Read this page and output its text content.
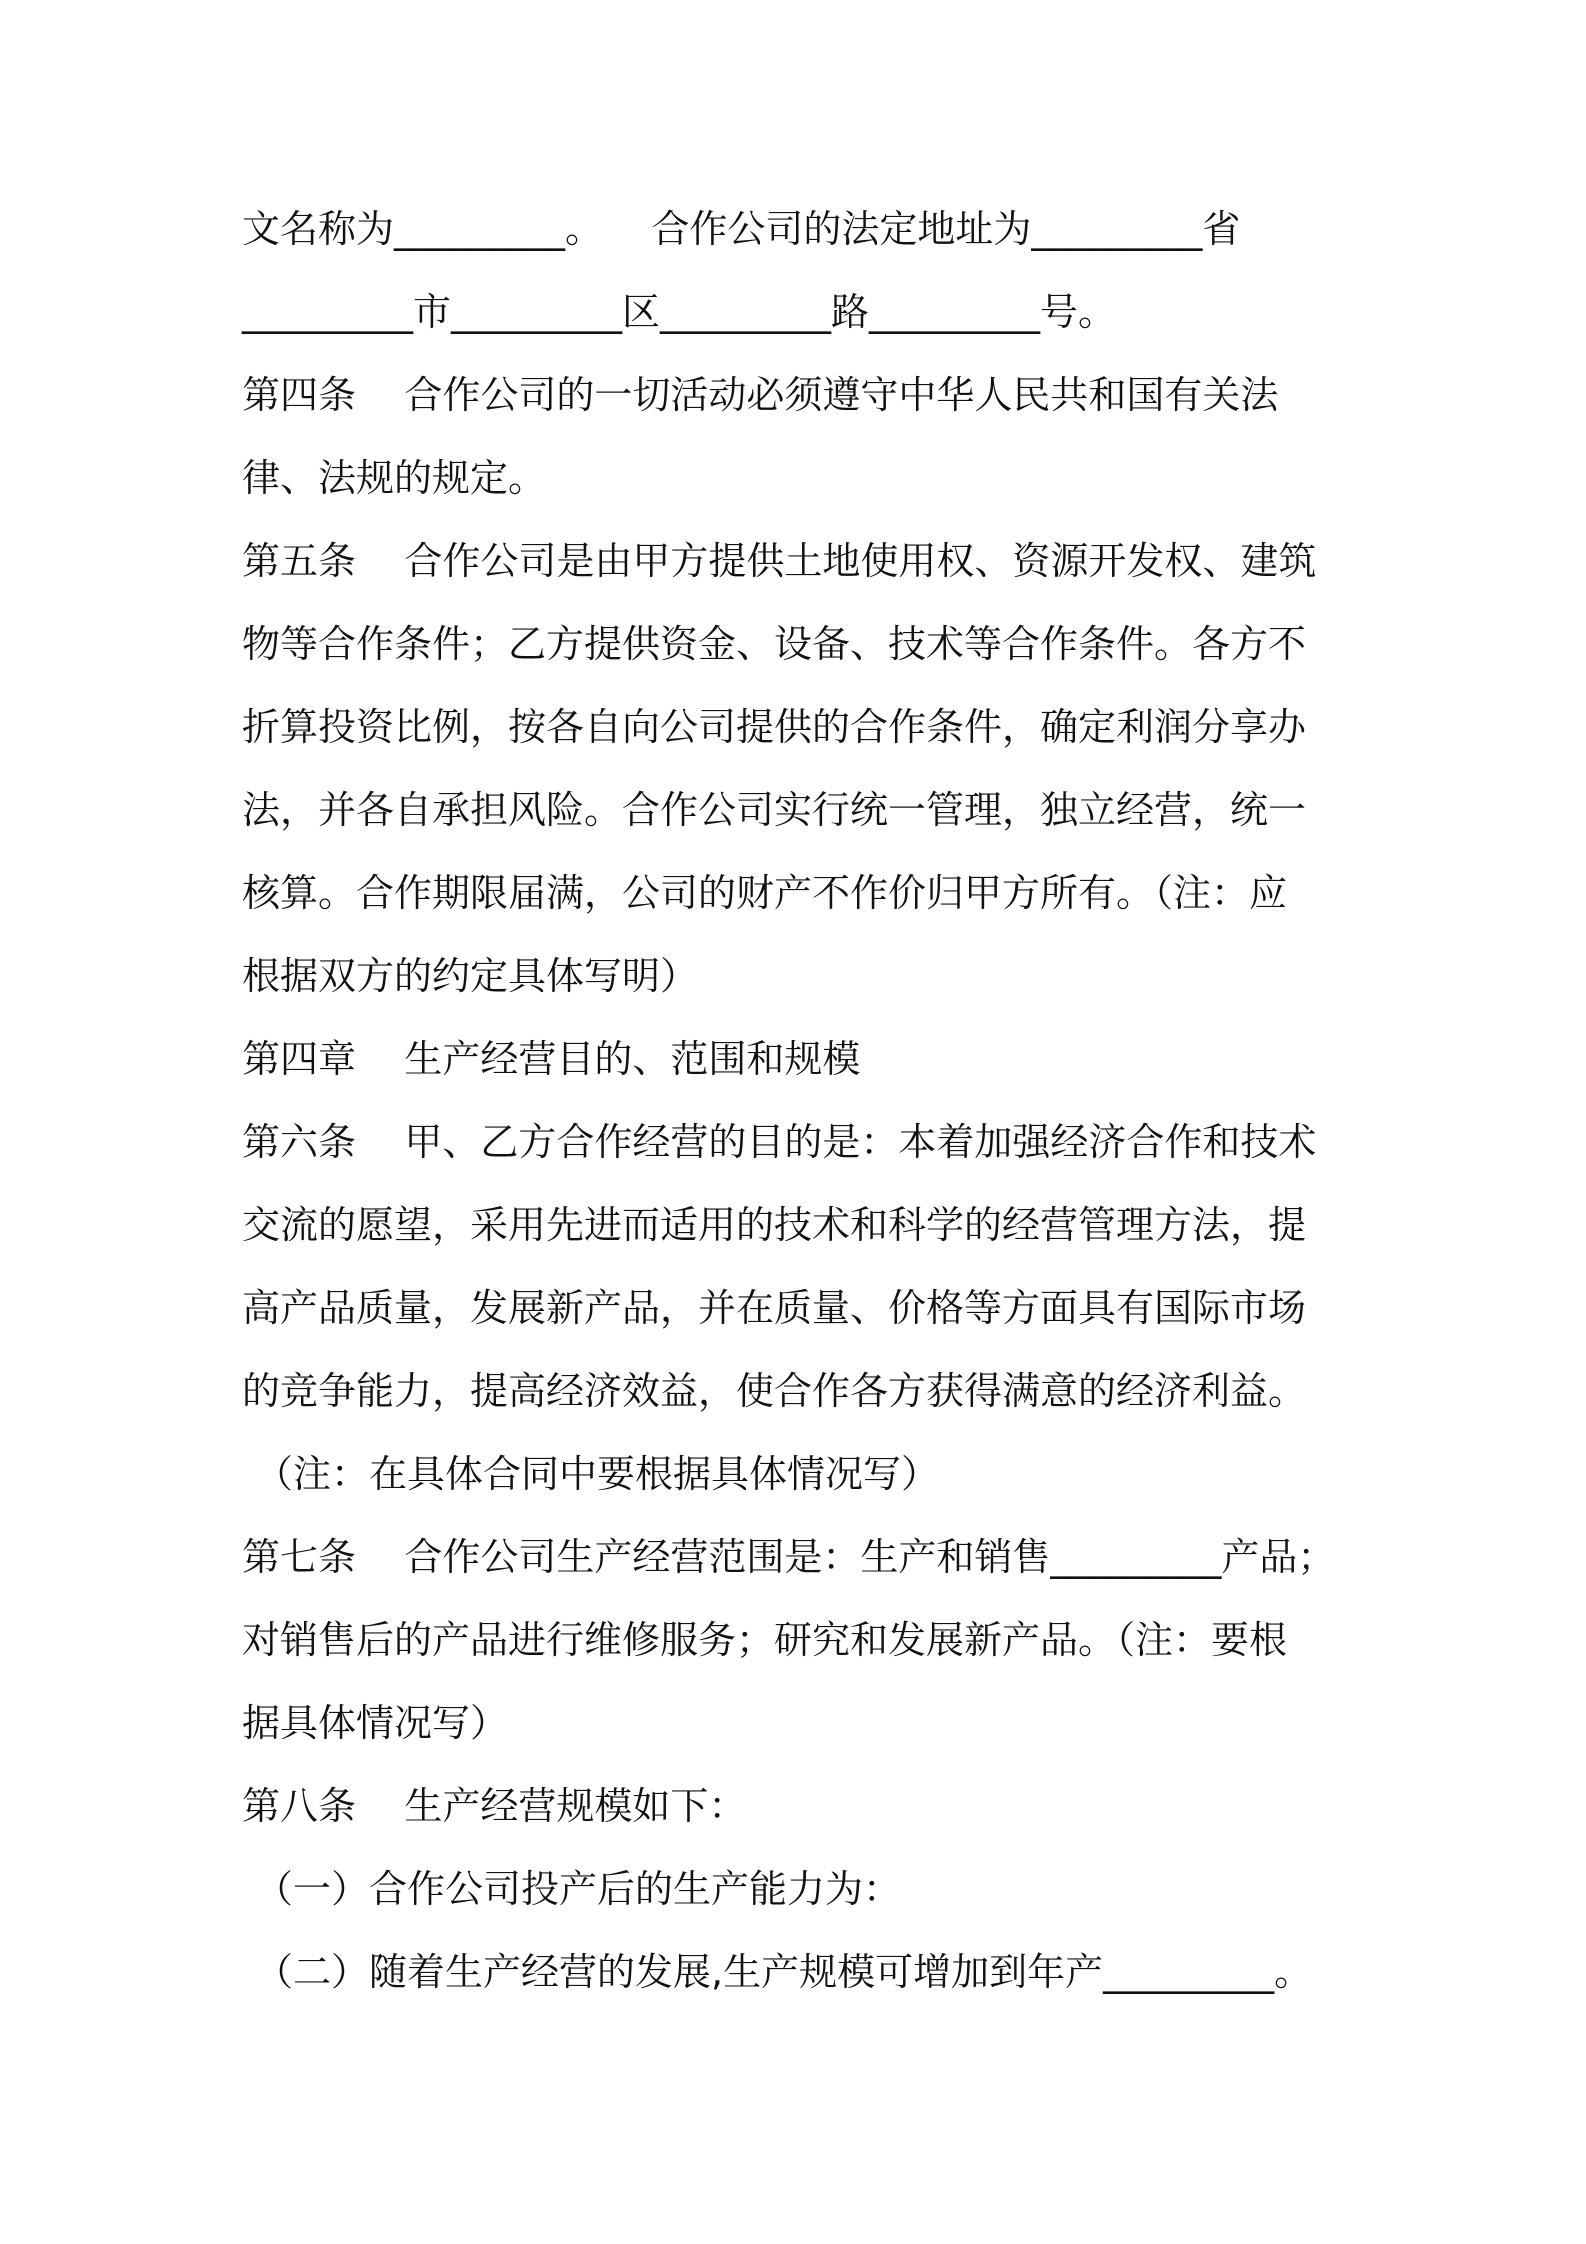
文名称为_________。    合作公司的法定地址为_________省
_________市_________区_________路_________号。
第四条    合作公司的一切活动必须遵守中华人民共和国有关法
律、法规的规定。
第五条    合作公司是由甲方提供土地使用权、资源开发权、建筑
物等合作条件；乙方提供资金、设备、技术等合作条件。各方不
折算投资比例，按各自向公司提供的合作条件，确定利润分享办
法，并各自承担风险。合作公司实行统一管理，独立经营，统一
核算。合作期限届满，公司的财产不作价归甲方所有。（注：应
根据双方的约定具体写明）
第四章    生产经营目的、范围和规模
第六条    甲、乙方合作经营的目的是：本着加强经济合作和技术
交流的愿望，采用先进而适用的技术和科学的经营管理方法，提
高产品质量，发展新产品，并在质量、价格等方面具有国际市场
的竞争能力，提高经济效益，使合作各方获得满意的经济利益。
（注：在具体合同中要根据具体情况写）
第七条    合作公司生产经营范围是：生产和销售_________产品；
对销售后的产品进行维修服务；研究和发展新产品。（注：要根
据具体情况写）
第八条    生产经营规模如下：
（一）合作公司投产后的生产能力为：
（二）随着生产经营的发展,生产规模可增加到年产_________。
